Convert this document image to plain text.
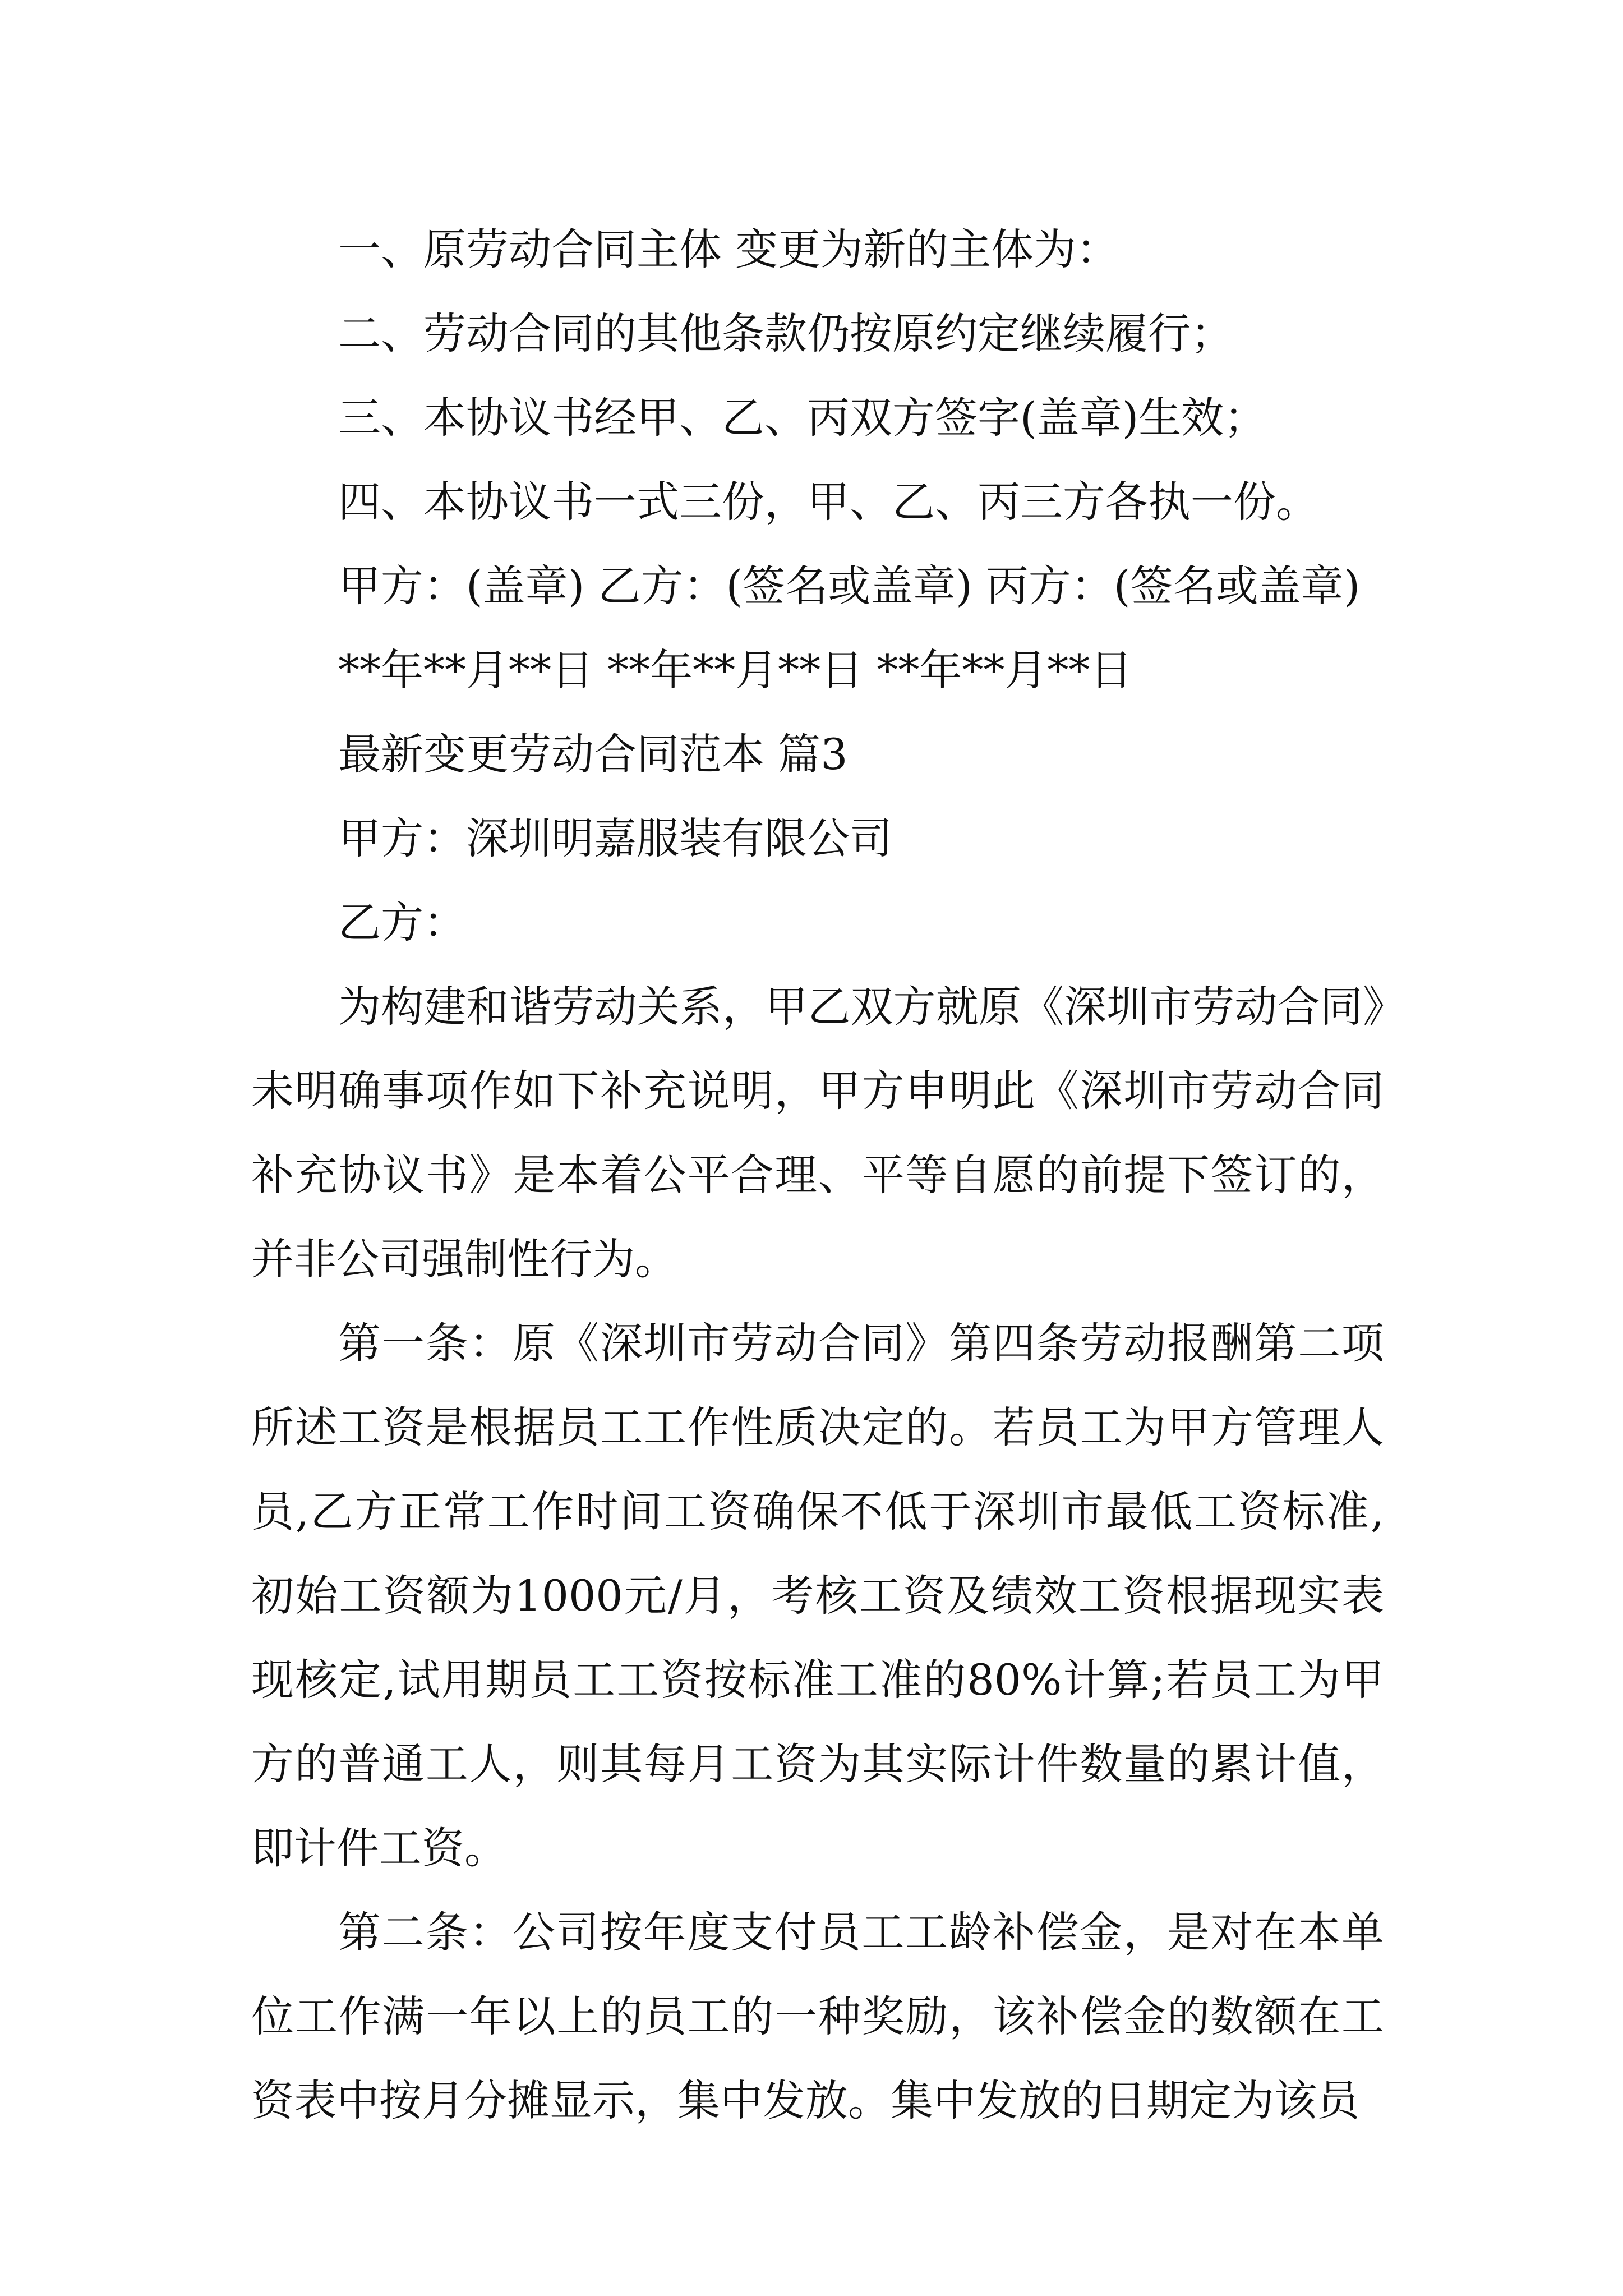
一、原劳动合同主体 变更为新的主体为：

二、劳动合同的其他条款仍按原约定继续履行；

三、本协议书经甲、乙、丙双方签字(盖章)生效；

四、本协议书一式三份，甲、乙、丙三方各执一份。

甲方：(盖章) 乙方：(签名或盖章) 丙方：(签名或盖章)

**年**月**日 **年**月**日 **年**月**日

最新变更劳动合同范本 篇3

甲方：深圳明嘉服装有限公司

乙方：

为构建和谐劳动关系，甲乙双方就原《深圳市劳动合同》未明确事项作如下补充说明，甲方申明此《深圳市劳动合同补充协议书》是本着公平合理、平等自愿的前提下签订的，并非公司强制性行为。

第一条：原《深圳市劳动合同》第四条劳动报酬第二项所述工资是根据员工工作性质决定的。若员工为甲方管理人员,乙方正常工作时间工资确保不低于深圳市最低工资标准,初始工资额为1000元/月，考核工资及绩效工资根据现实表现核定,试用期员工工资按标准工准的80%计算;若员工为甲方的普通工人，则其每月工资为其实际计件数量的累计值，即计件工资。

第二条：公司按年度支付员工工龄补偿金，是对在本单位工作满一年以上的员工的一种奖励，该补偿金的数额在工资表中按月分摊显示，集中发放。集中发放的日期定为该员
